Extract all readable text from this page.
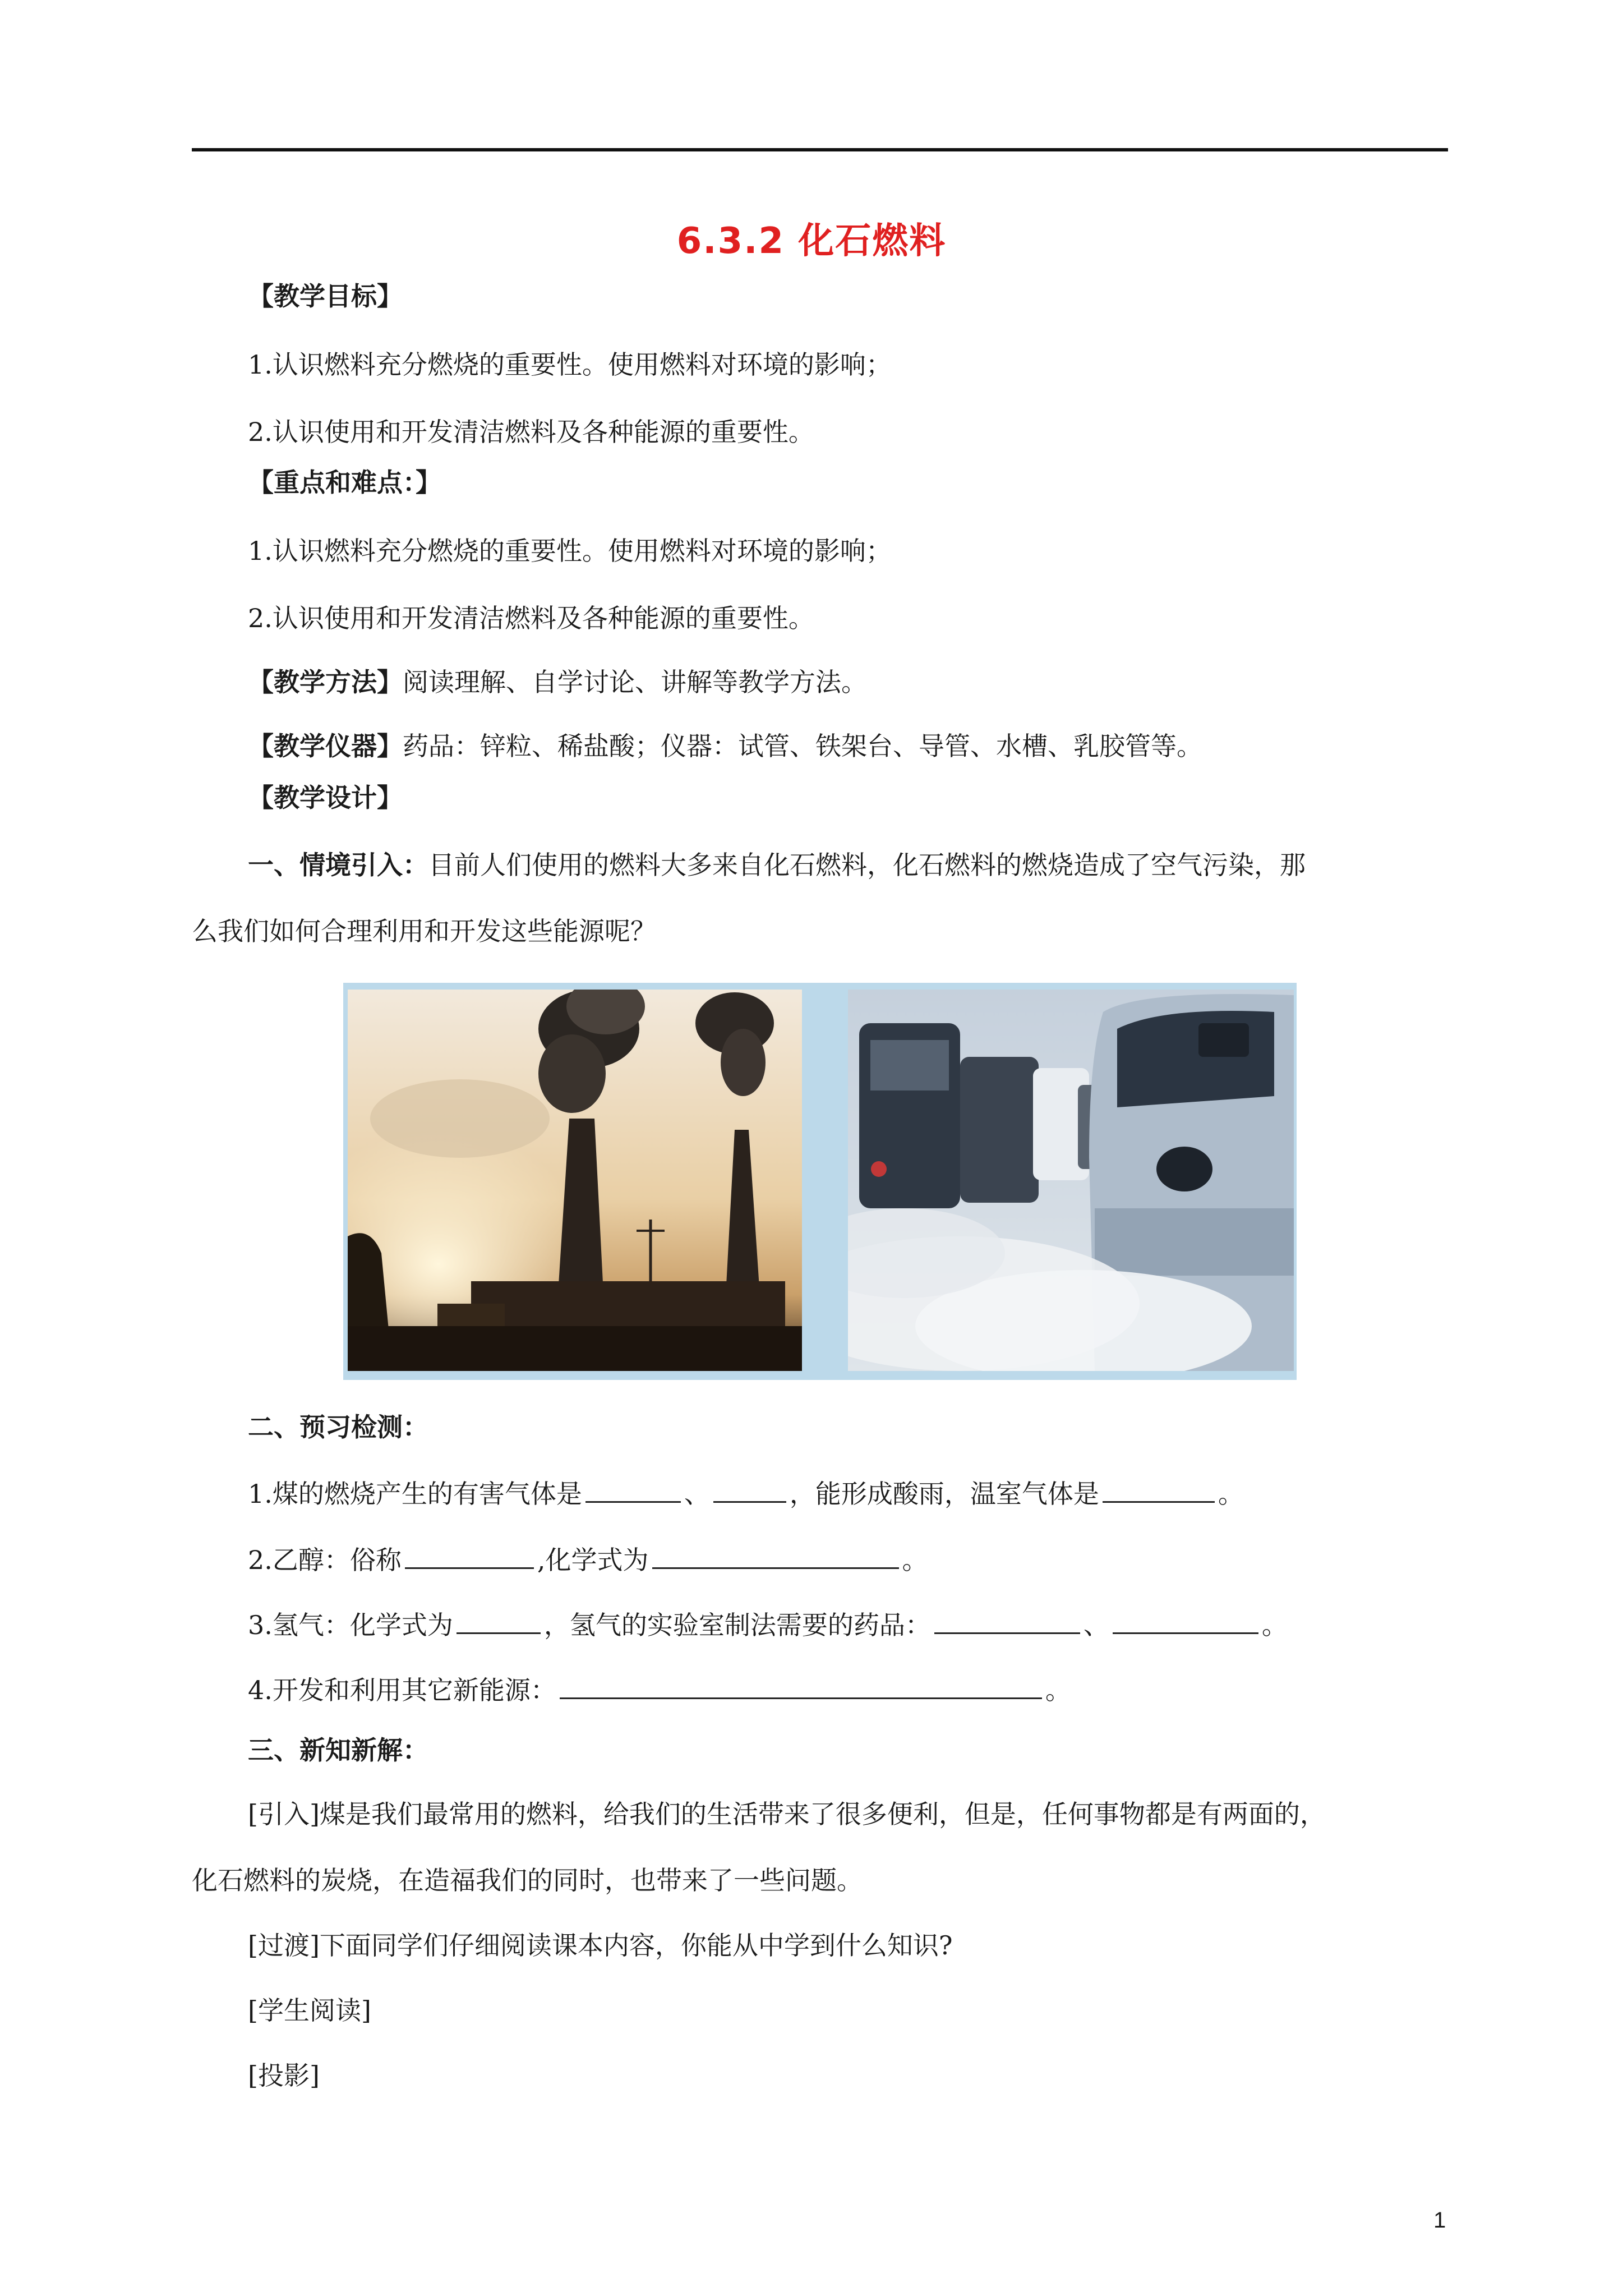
6.3.2 化石燃料
【教学目标】
1.认识燃料充分燃烧的重要性。使用燃料对环境的影响；
2.认识使用和开发清洁燃料及各种能源的重要性。
【重点和难点：】
1.认识燃料充分燃烧的重要性。使用燃料对环境的影响；
2.认识使用和开发清洁燃料及各种能源的重要性。
【教学方法】阅读理解、自学讨论、讲解等教学方法。
【教学仪器】药品：锌粒、稀盐酸；仪器：试管、铁架台、导管、水槽、乳胶管等。
【教学设计】
一、情境引入：目前人们使用的燃料大多来自化石燃料，化石燃料的燃烧造成了空气污染，那
么我们如何合理利用和开发这些能源呢？
二、预习检测：
1.煤的燃烧产生的有害气体是	、	，能形成酸雨，温室气体是	。
2.乙醇：俗称	,化学式为	。
3.氢气：化学式为	，氢气的实验室制法需要的药品：	、	。
4.开发和利用其它新能源：	。
三、新知新解：
[引入]煤是我们最常用的燃料，给我们的生活带来了很多便利，但是，任何事物都是有两面的，
化石燃料的炭烧，在造福我们的同时，也带来了一些问题。
[过渡]下面同学们仔细阅读课本内容，你能从中学到什么知识?
[学生阅读]
[投影]
1
